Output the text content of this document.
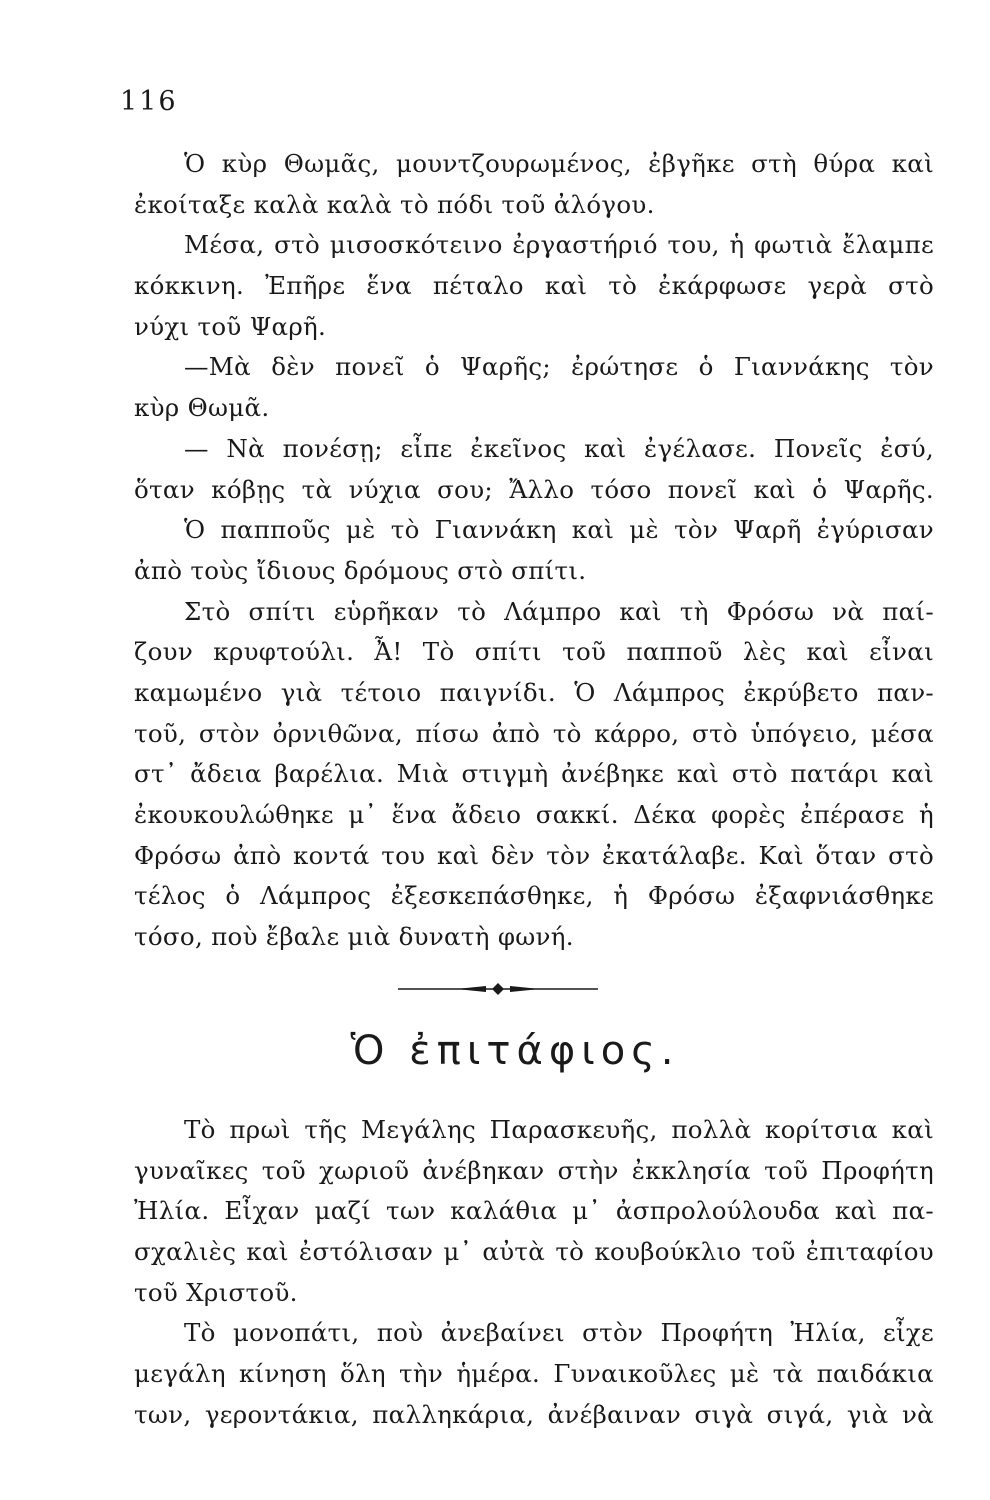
116
Ὁ κὺρ Θωμᾶς, μουντζουρωμένος, ἐβγῆκε στὴ θύρα καὶ
ἐκοίταξε καλὰ καλὰ τὸ πόδι τοῦ ἀλόγου.
Μέσα, στὸ μισοσκότεινο ἐργαστήριό του, ἡ φωτιὰ ἔλαμπε
κόκκινη. Ἐπῆρε ἕνα πέταλο καὶ τὸ ἐκάρφωσε γερὰ στὸ
νύχι τοῦ Ψαρῆ.
—Μὰ δὲν πονεῖ ὁ Ψαρῆς; ἐρώτησε ὁ Γιαννάκης τὸν
κὺρ Θωμᾶ.
— Νὰ πονέσῃ; εἶπε ἐκεῖνος καὶ ἐγέλασε. Πονεῖς ἐσύ,
ὅταν κόβῃς τὰ νύχια σου; Ἄλλο τόσο πονεῖ καὶ ὁ Ψαρῆς.
Ὁ παπποῦς μὲ τὸ Γιαννάκη καὶ μὲ τὸν Ψαρῆ ἐγύρισαν
ἀπὸ τοὺς ἴδιους δρόμους στὸ σπίτι.
Στὸ σπίτι εὑρῆκαν τὸ Λάμπρο καὶ τὴ Φρόσω νὰ παί-
ζουν κρυφτούλι. Ἆ! Τὸ σπίτι τοῦ παπποῦ λὲς καὶ εἶναι
καμωμένο γιὰ τέτοιο παιγνίδι. Ὁ Λάμπρος ἐκρύβετο παν-
τοῦ, στὸν ὀρνιθῶνα, πίσω ἀπὸ τὸ κάρρο, στὸ ὑπόγειο, μέσα
στ᾽ ἄδεια βαρέλια. Μιὰ στιγμὴ ἀνέβηκε καὶ στὸ πατάρι καὶ
ἐκουκουλώθηκε μ᾽ ἕνα ἄδειο σακκί. Δέκα φορὲς ἐπέρασε ἡ
Φρόσω ἀπὸ κοντά του καὶ δὲν τὸν ἐκατάλαβε. Καὶ ὅταν στὸ
τέλος ὁ Λάμπρος ἐξεσκεπάσθηκε, ἡ Φρόσω ἐξαφνιάσθηκε
τόσο, ποὺ ἔβαλε μιὰ δυνατὴ φωνή.
Ὁ ἐπιτάφιος.
Τὸ πρωὶ τῆς Μεγάλης Παρασκευῆς, πολλὰ κορίτσια καὶ
γυναῖκες τοῦ χωριοῦ ἀνέβηκαν στὴν ἐκκλησία τοῦ Προφήτη
Ἠλία. Εἶχαν μαζί των καλάθια μ᾽ ἀσπρολούλουδα καὶ πα-
σχαλιὲς καὶ ἐστόλισαν μ᾽ αὐτὰ τὸ κουβούκλιο τοῦ ἐπιταφίου
τοῦ Χριστοῦ.
Τὸ μονοπάτι, ποὺ ἀνεβαίνει στὸν Προφήτη Ἠλία, εἶχε
μεγάλη κίνηση ὅλη τὴν ἡμέρα. Γυναικοῦλες μὲ τὰ παιδάκια
των, γεροντάκια, παλληκάρια, ἀνέβαιναν σιγὰ σιγά, γιὰ νὰ
